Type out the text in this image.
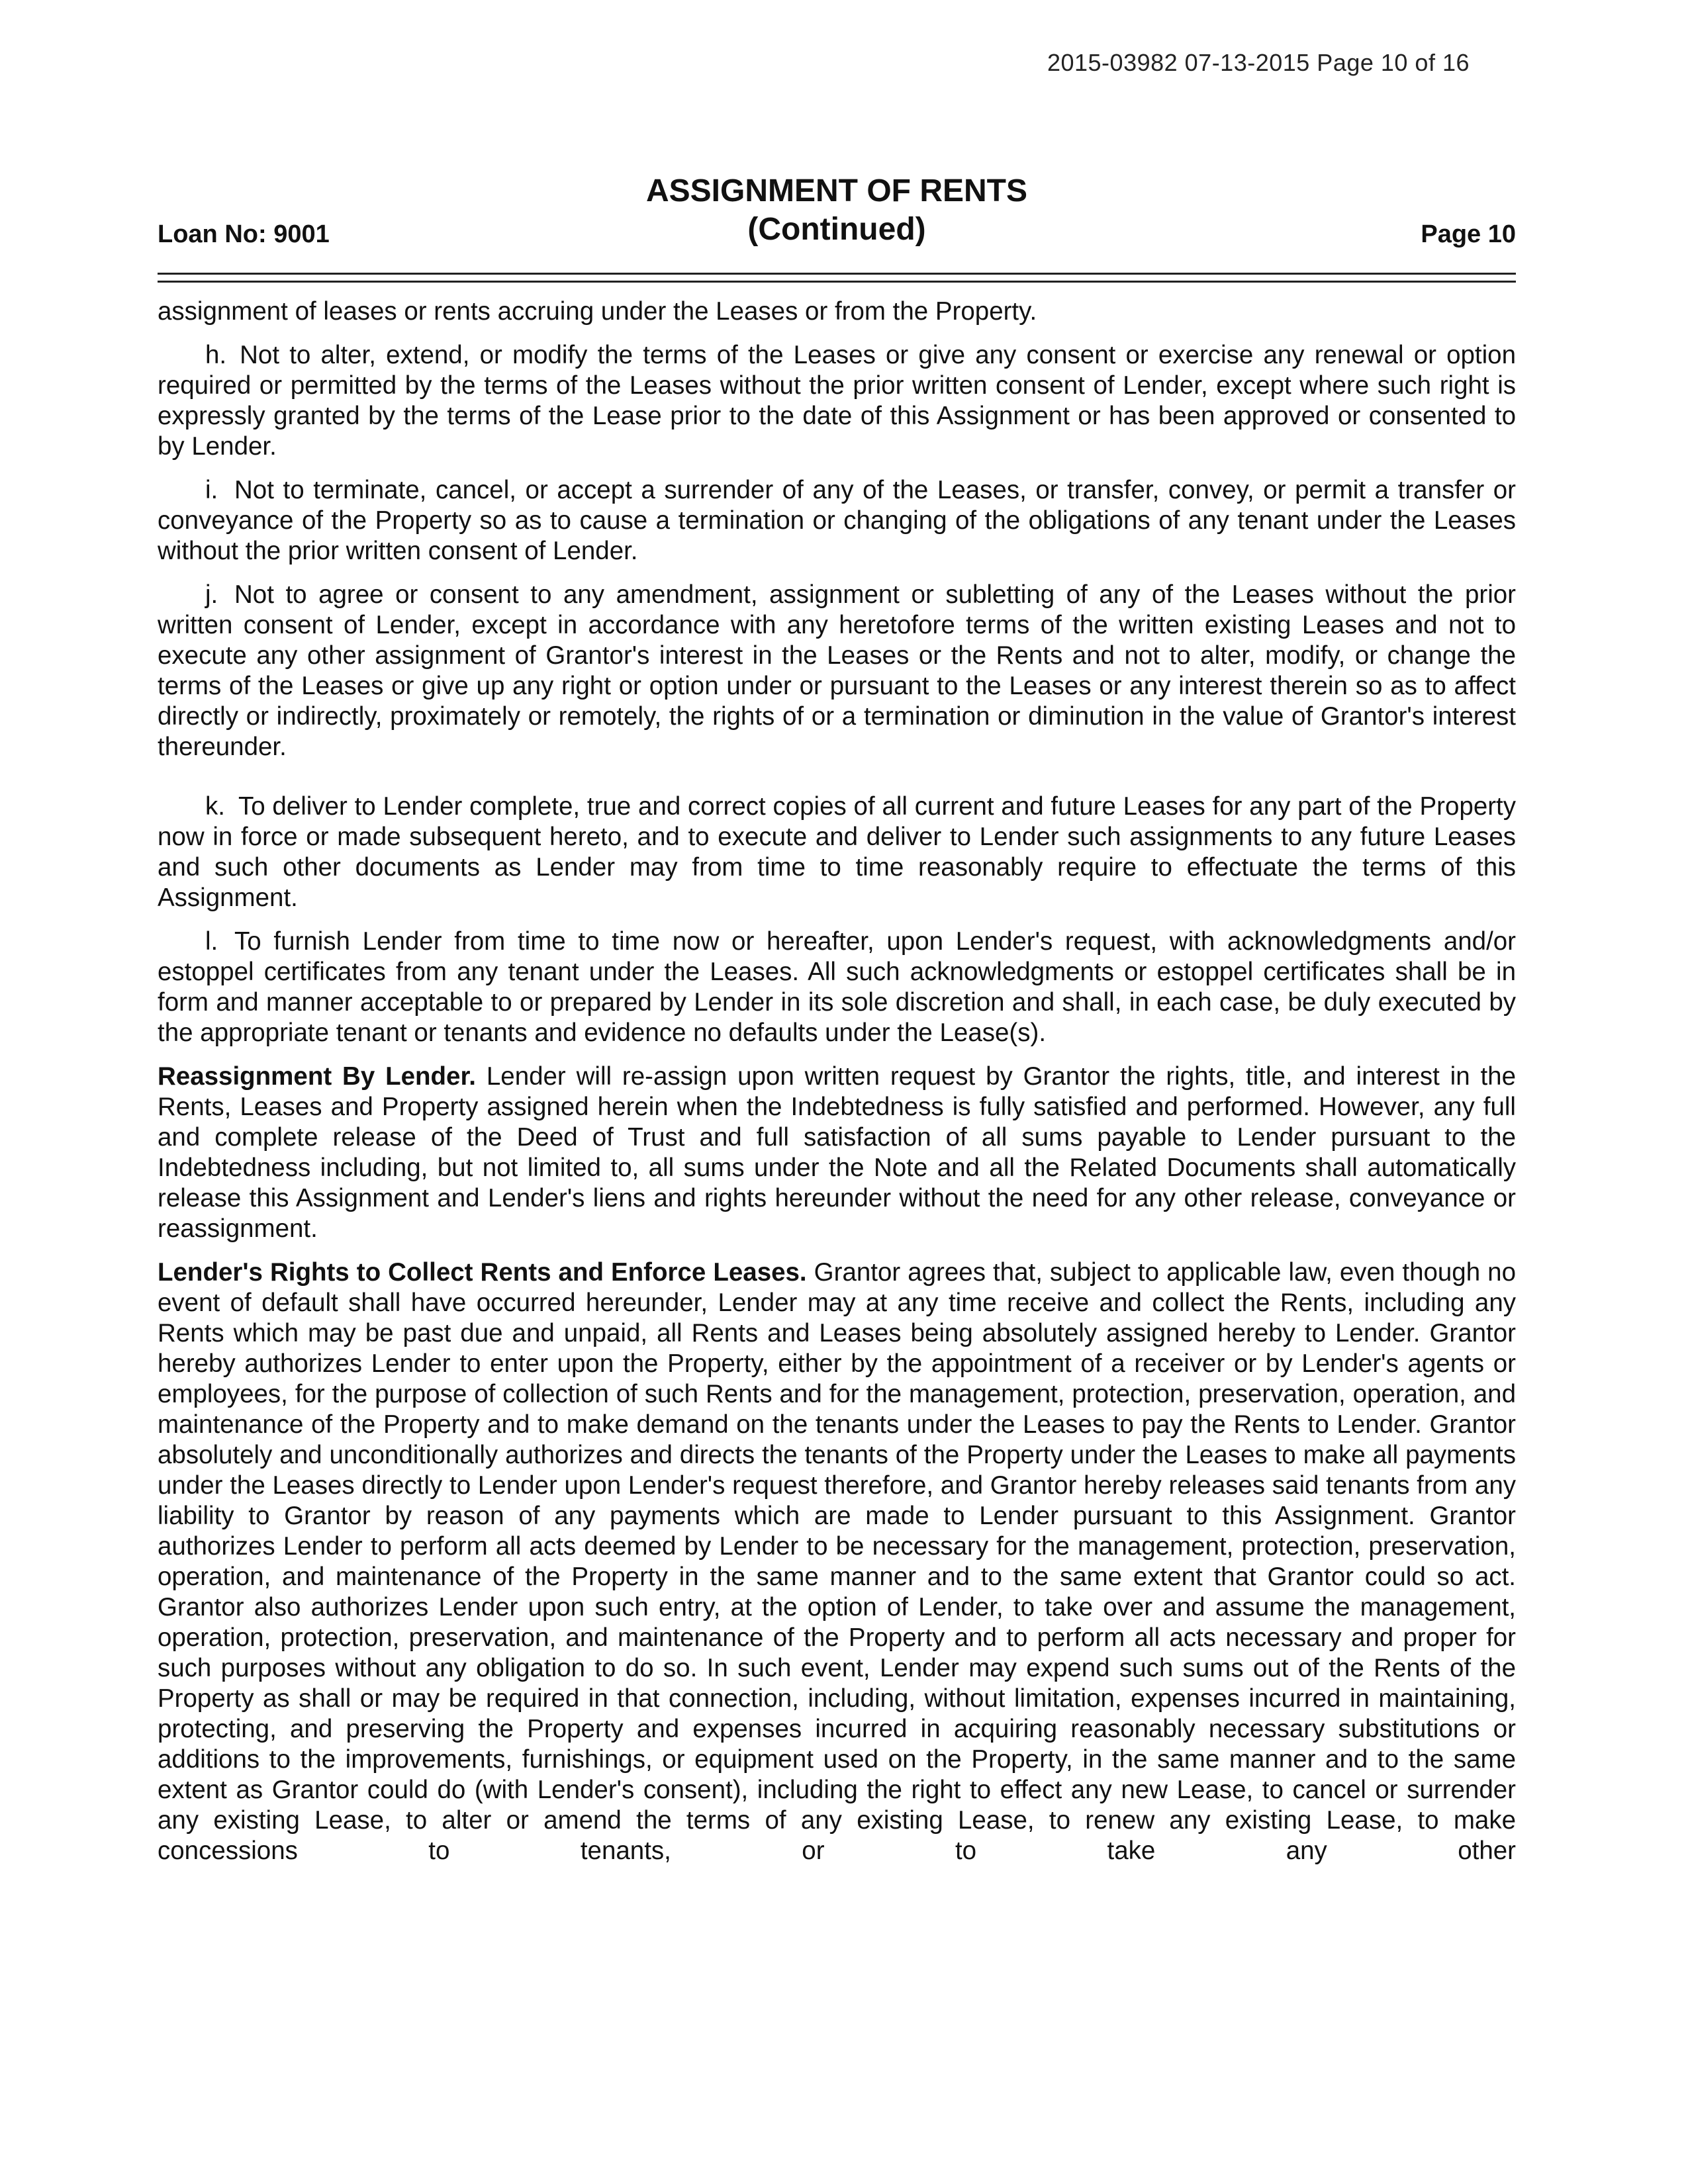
2015-03982 07-13-2015 Page 10 of 16
Loan No: 9001
ASSIGNMENT OF RENTS
(Continued)	Page 10

assignment of leases or rents accruing under the Leases or from the Property.

h. Not to alter, extend, or modify the terms of the Leases or give any consent or exercise any renewal or option required or permitted by the terms of the Leases without the prior written consent of Lender, except where such right is expressly granted by the terms of the Lease prior to the date of this Assignment or has been approved or consented to by Lender.

i. Not to terminate, cancel, or accept a surrender of any of the Leases, or transfer, convey, or permit a transfer or conveyance of the Property so as to cause a termination or changing of the obligations of any tenant under the Leases without the prior written consent of Lender.

j. Not to agree or consent to any amendment, assignment or subletting of any of the Leases without the prior written consent of Lender, except in accordance with any heretofore terms of the written existing Leases and not to execute any other assignment of Grantor's interest in the Leases or the Rents and not to alter, modify, or change the terms of the Leases or give up any right or option under or pursuant to the Leases or any interest therein so as to affect directly or indirectly, proximately or remotely, the rights of or a termination or diminution in the value of Grantor's interest thereunder.

k. To deliver to Lender complete, true and correct copies of all current and future Leases for any part of the Property now in force or made subsequent hereto, and to execute and deliver to Lender such assignments to any future Leases and such other documents as Lender may from time to time reasonably require to effectuate the terms of this Assignment.

l. To furnish Lender from time to time now or hereafter, upon Lender's request, with acknowledgments and/or estoppel certificates from any tenant under the Leases. All such acknowledgments or estoppel certificates shall be in form and manner acceptable to or prepared by Lender in its sole discretion and shall, in each case, be duly executed by the appropriate tenant or tenants and evidence no defaults under the Lease(s).

Reassignment By Lender. Lender will re-assign upon written request by Grantor the rights, title, and interest in the Rents, Leases and Property assigned herein when the Indebtedness is fully satisfied and performed. However, any full and complete release of the Deed of Trust and full satisfaction of all sums payable to Lender pursuant to the Indebtedness including, but not limited to, all sums under the Note and all the Related Documents shall automatically release this Assignment and Lender's liens and rights hereunder without the need for any other release, conveyance or reassignment.

Lender's Rights to Collect Rents and Enforce Leases. Grantor agrees that, subject to applicable law, even though no event of default shall have occurred hereunder, Lender may at any time receive and collect the Rents, including any Rents which may be past due and unpaid, all Rents and Leases being absolutely assigned hereby to Lender. Grantor hereby authorizes Lender to enter upon the Property, either by the appointment of a receiver or by Lender's agents or employees, for the purpose of collection of such Rents and for the management, protection, preservation, operation, and maintenance of the Property and to make demand on the tenants under the Leases to pay the Rents to Lender. Grantor absolutely and unconditionally authorizes and directs the tenants of the Property under the Leases to make all payments under the Leases directly to Lender upon Lender's request therefore, and Grantor hereby releases said tenants from any liability to Grantor by reason of any payments which are made to Lender pursuant to this Assignment. Grantor authorizes Lender to perform all acts deemed by Lender to be necessary for the management, protection, preservation, operation, and maintenance of the Property in the same manner and to the same extent that Grantor could so act. Grantor also authorizes Lender upon such entry, at the option of Lender, to take over and assume the management, operation, protection, preservation, and maintenance of the Property and to perform all acts necessary and proper for such purposes without any obligation to do so. In such event, Lender may expend such sums out of the Rents of the Property as shall or may be required in that connection, including, without limitation, expenses incurred in maintaining, protecting, and preserving the Property and expenses incurred in acquiring reasonably necessary substitutions or additions to the improvements, furnishings, or equipment used on the Property, in the same manner and to the same extent as Grantor could do (with Lender's consent), including the right to effect any new Lease, to cancel or surrender any existing Lease, to alter or amend the terms of any existing Lease, to renew any existing Lease, to make concessions to tenants, or to take any other
